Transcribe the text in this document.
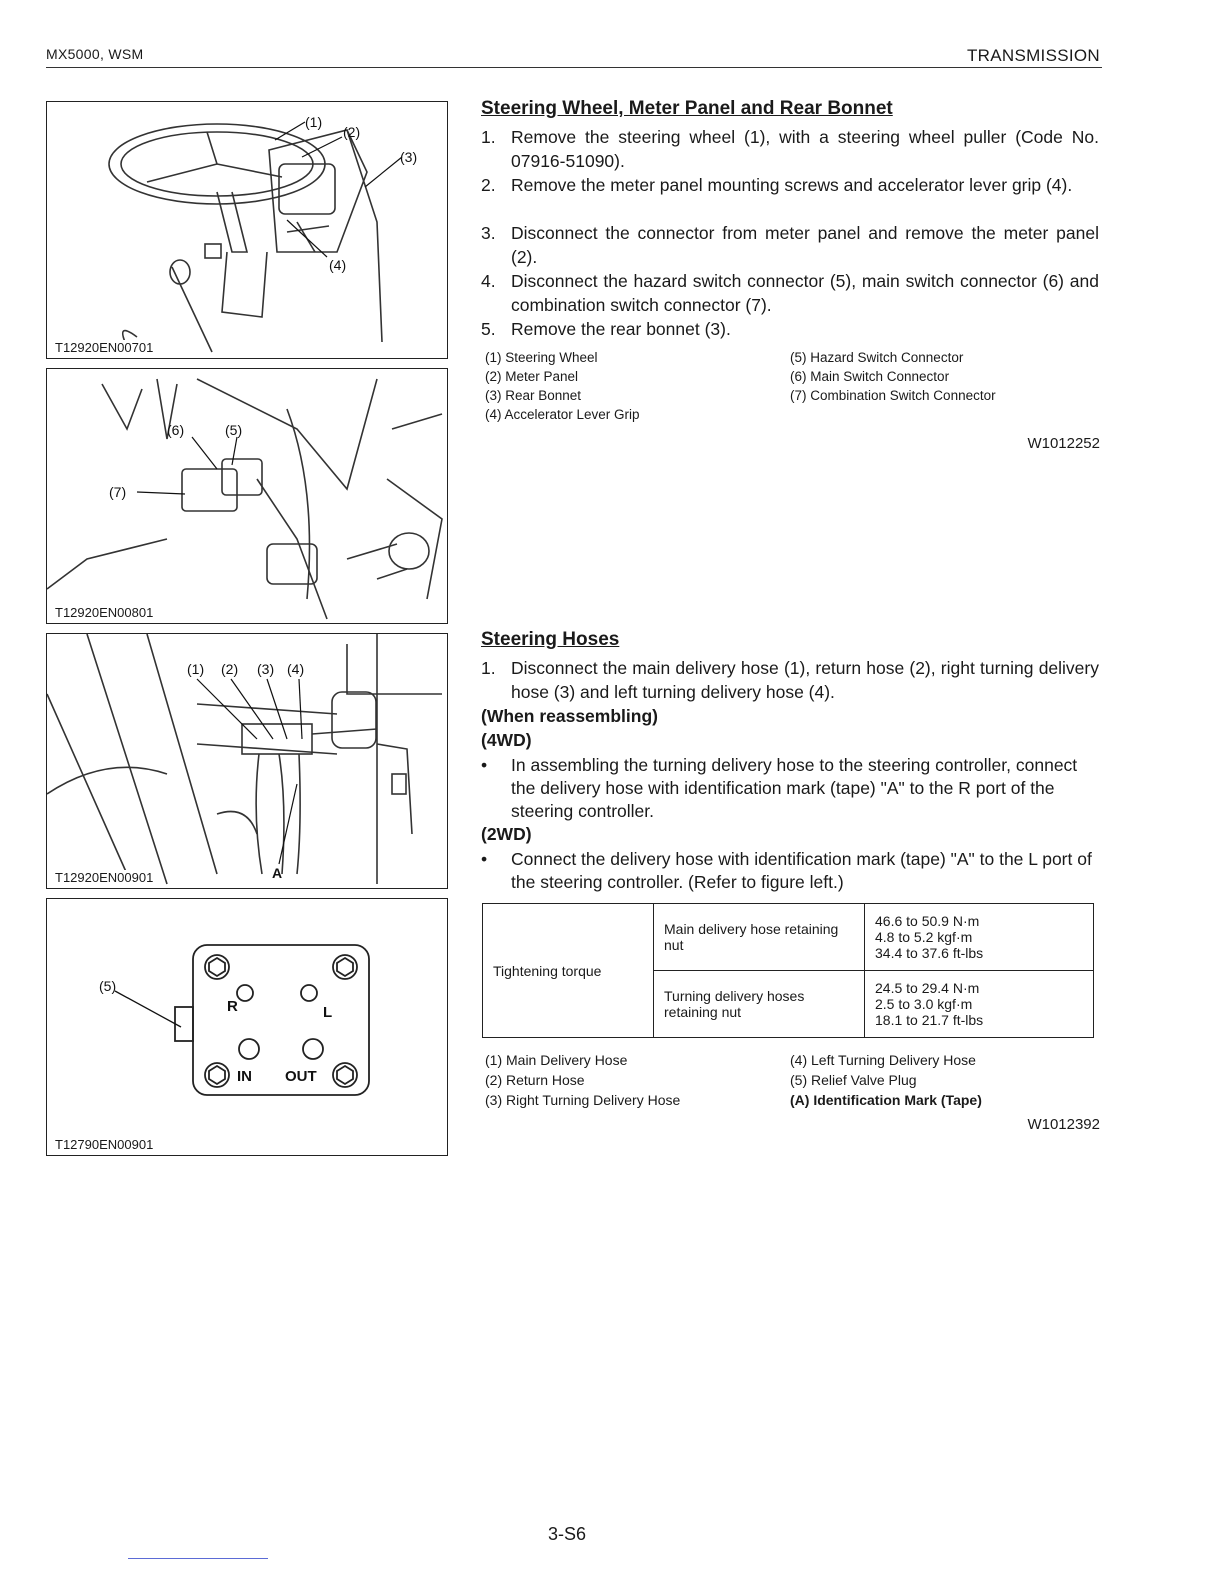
MX5000, WSM	TRANSMISSION
(1)
(2)
(3)
(4)
T12920EN00701
(6)	(5)
(7)
T12920EN00801
(1) (2) (3) (4)
A
T12920EN00901
(5)
R	L
IN OUT
T12790EN00901
Steering Wheel, Meter Panel and Rear Bonnet
1. Remove the steering wheel (1), with a steering wheel puller (Code No. 07916-51090).
2. Remove the meter panel mounting screws and accelerator lever grip (4).
3. Disconnect the connector from meter panel and remove the meter panel (2).
4. Disconnect the hazard switch connector (5), main switch connector (6) and combination switch connector (7).
5. Remove the rear bonnet (3).
(1) Steering Wheel
(2) Meter Panel
(3) Rear Bonnet
(4) Accelerator Lever Grip
(5) Hazard Switch Connector
(6) Main Switch Connector
(7) Combination Switch Connector
W1012252
Steering Hoses
1. Disconnect the main delivery hose (1), return hose (2), right turning delivery hose (3) and left turning delivery hose (4).
(When reassembling)
(4WD)
• In assembling the turning delivery hose to the steering controller, connect the delivery hose with identification mark (tape) "A" to the R port of the steering controller.
(2WD)
• Connect the delivery hose with identification mark (tape) "A" to the L port of the steering controller. (Refer to figure left.)
Tightening torque	Main delivery hose retaining nut	46.6 to 50.9 N·m
4.8 to 5.2 kgf·m
34.4 to 37.6 ft-lbs

	Turning delivery hoses retaining nut	24.5 to 29.4 N·m
2.5 to 3.0 kgf·m
18.1 to 21.7 ft-lbs
(1) Main Delivery Hose
(2) Return Hose
(3) Right Turning Delivery Hose
(4) Left Turning Delivery Hose
(5) Relief Valve Plug
(A) Identification Mark (Tape)
W1012392
3-S6
